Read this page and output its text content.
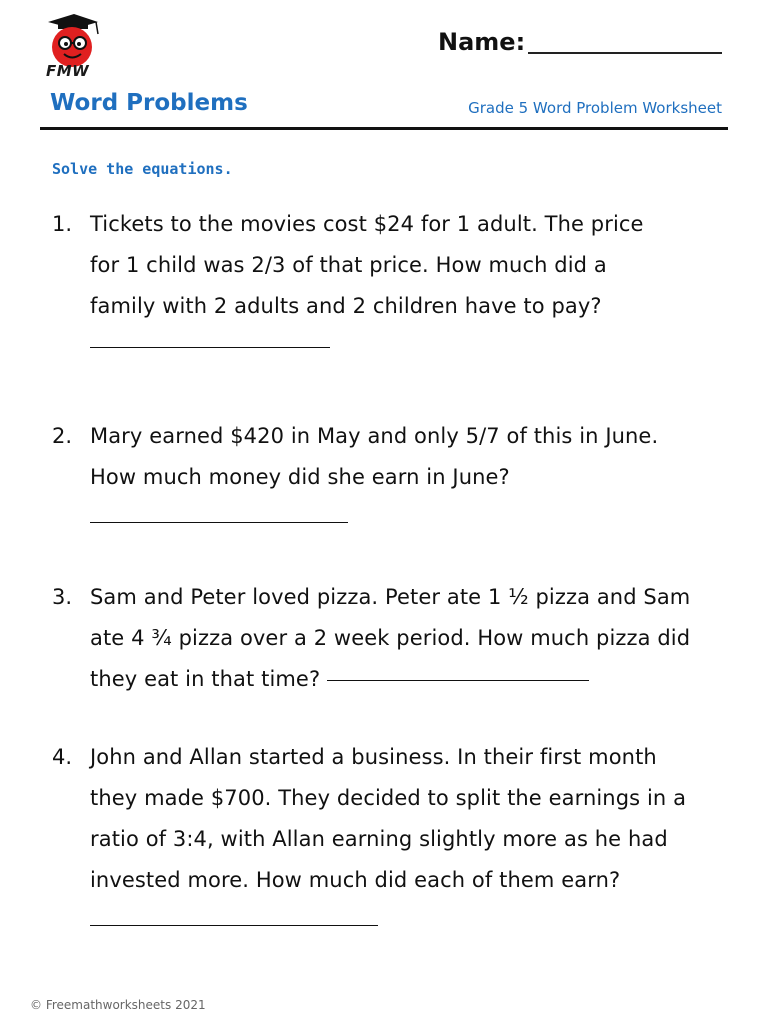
FMW
Name:
Word Problems	Grade 5 Word Problem Worksheet
Solve the equations.
1. Tickets to the movies cost $24 for 1 adult. The price
for 1 child was 2/3 of that price. How much did a
family with 2 adults and 2 children have to pay?
2. Mary earned $420 in May and only 5/7 of this in June.
How much money did she earn in June?
3. Sam and Peter loved pizza. Peter ate 1 ½ pizza and Sam
ate 4 ¾ pizza over a 2 week period. How much pizza did
they eat in that time?
4. John and Allan started a business. In their first month
they made $700. They decided to split the earnings in a
ratio of 3:4, with Allan earning slightly more as he had
invested more. How much did each of them earn?
© Freemathworksheets 2021
